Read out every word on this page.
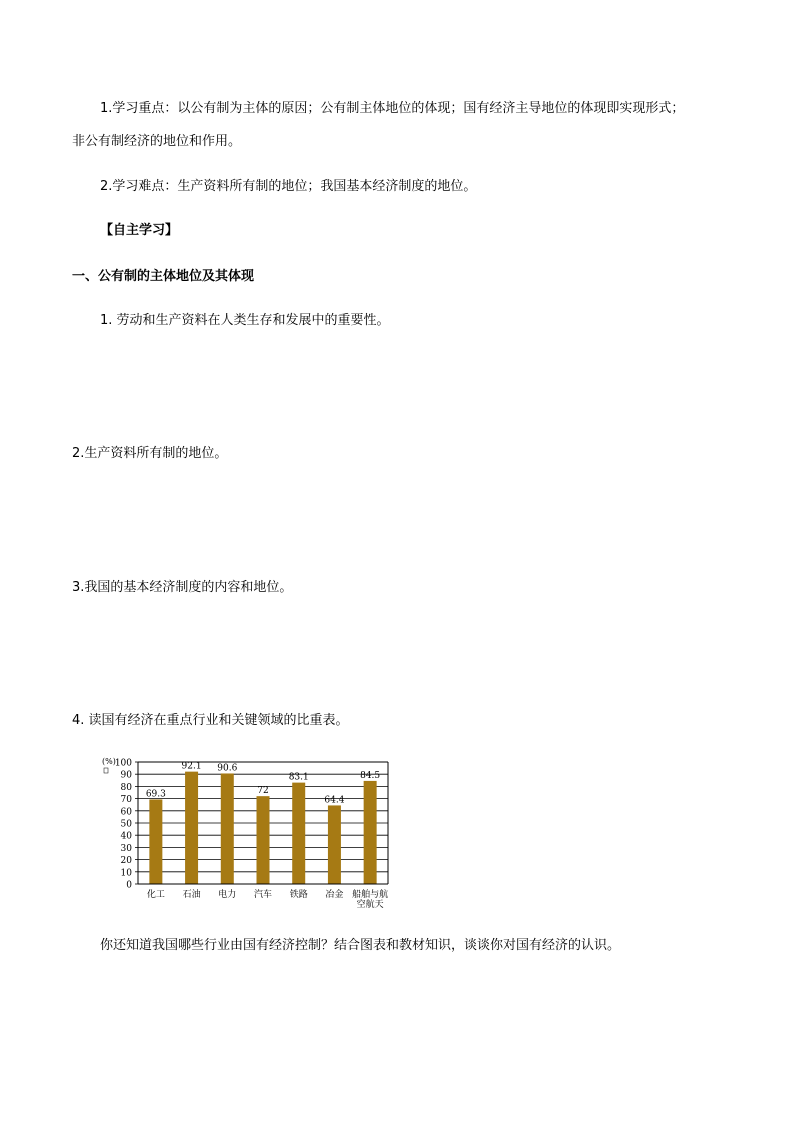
1.学习重点：以公有制为主体的原因；公有制主体地位的体现；国有经济主导地位的体现即实现形式；
非公有制经济的地位和作用。
2.学习难点：生产资料所有制的地位；我国基本经济制度的地位。
【自主学习】
一、公有制的主体地位及其体现
1. 劳动和生产资料在人类生存和发展中的重要性。
2.生产资料所有制的地位。
3.我国的基本经济制度的内容和地位。
4. 读国有经济在重点行业和关键领域的比重表。
0
10
20
30
40
50
60
70
80
90
100
(%)
69.3
化工
92.1
石油
90.6
电力
72
汽车
83.1
铁路
64.4
冶金
84.5
船舶与航
空航天
你还知道我国哪些行业由国有经济控制？结合图表和教材知识，谈谈你对国有经济的认识。
